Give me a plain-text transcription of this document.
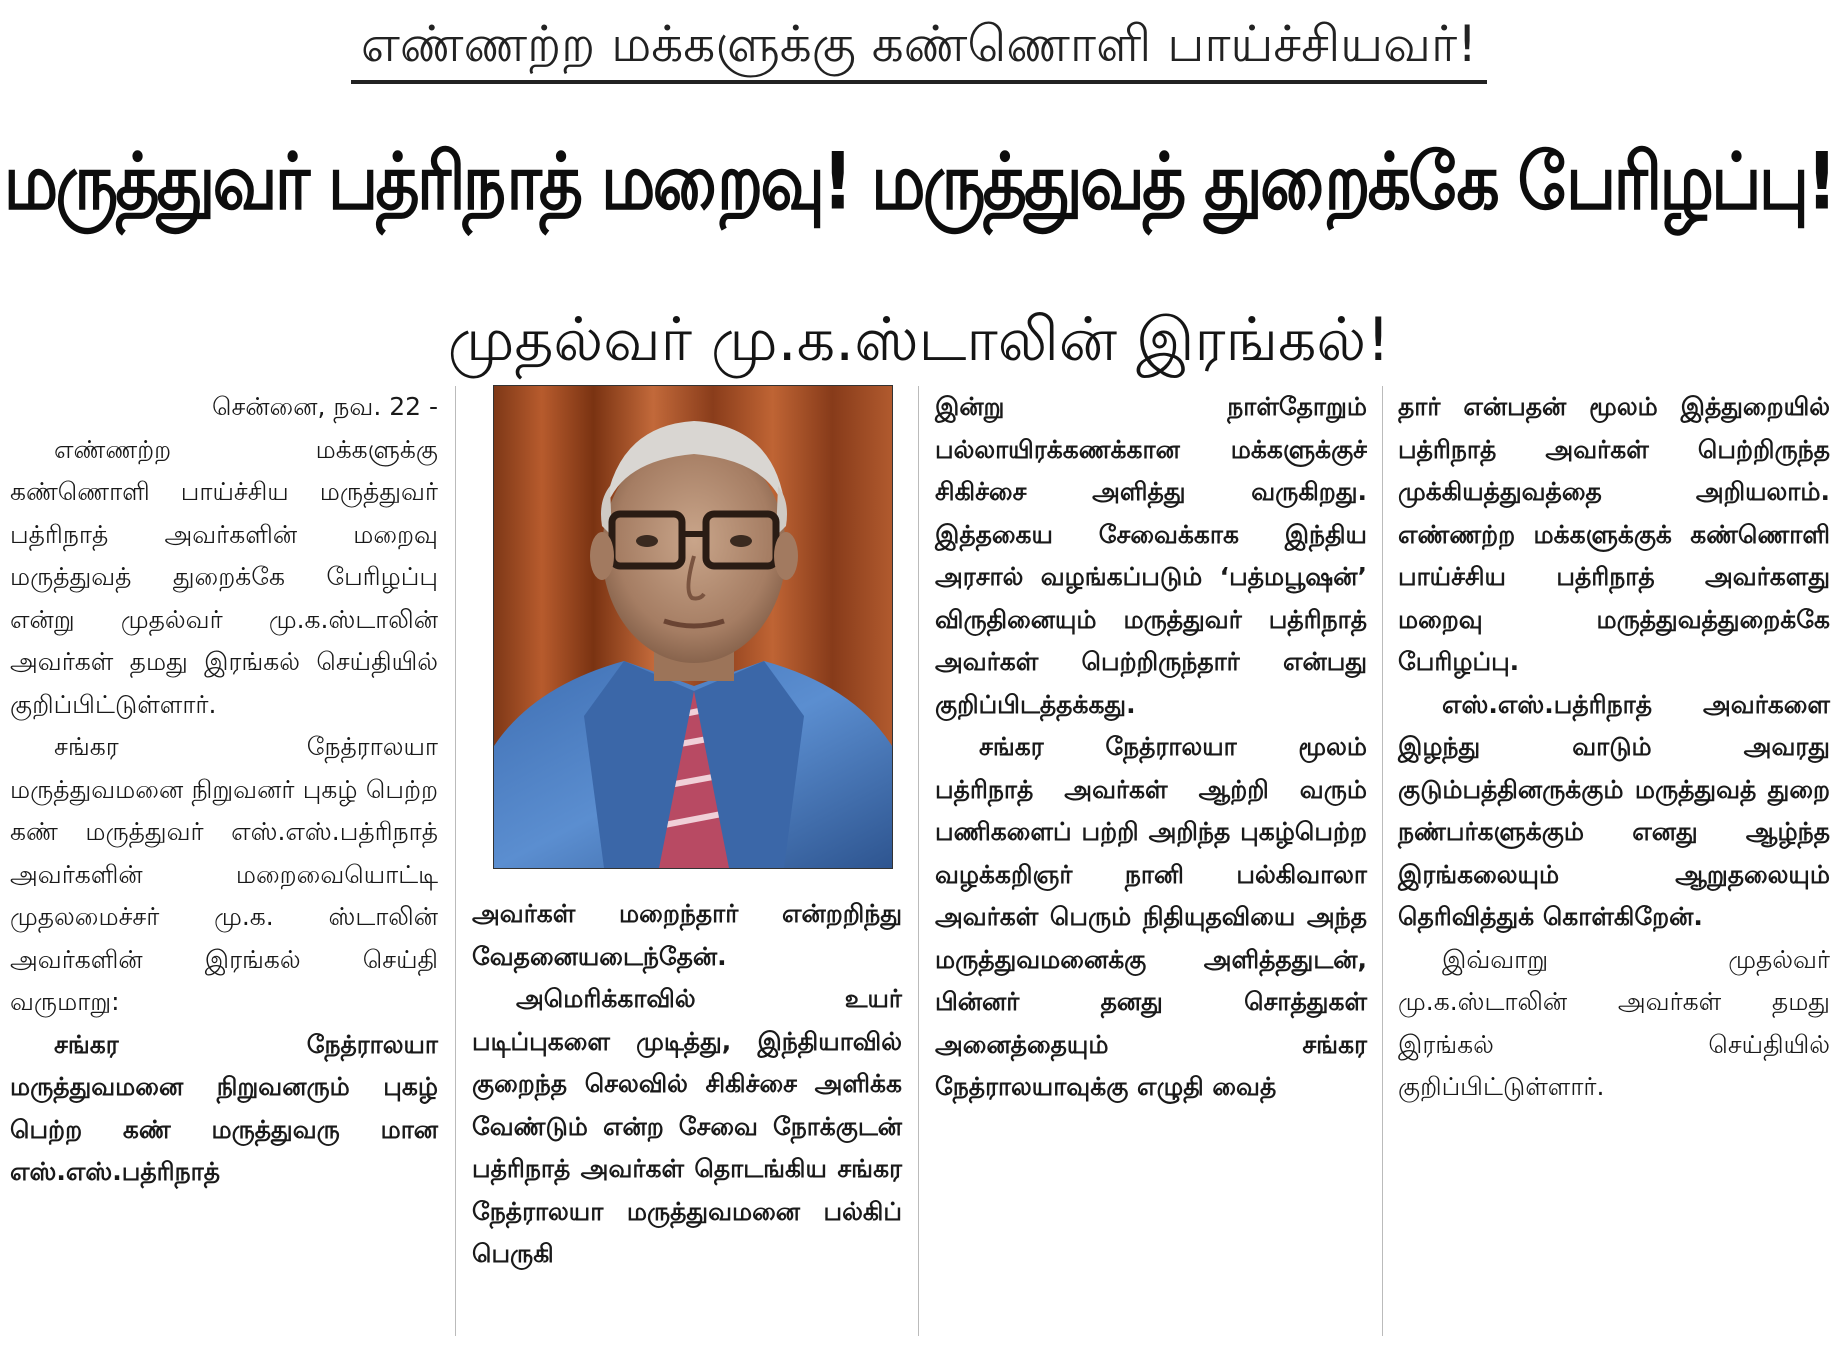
எண்ணற்ற மக்களுக்கு கண்ணொளி பாய்ச்சியவர்!
மருத்துவர் பத்ரிநாத் மறைவு! மருத்துவத் துறைக்கே பேரிழப்பு!
முதல்வர் மு.க.ஸ்டாலின் இரங்கல்!

சென்னை, நவ. 22 -

எண்ணற்ற மக்களுக்கு கண்ணொளி பாய்ச்சிய மருத்துவர் பத்ரிநாத் அவர்களின் மறைவு மருத்துவத் துறைக்கே பேரிழப்பு என்று முதல்வர் மு.க.ஸ்டாலின் அவர்கள் தமது இரங்கல் செய்தியில் குறிப்பிட்டுள்ளார்.

சங்கர நேத்ராலயா மருத்துவமனை நிறுவனர் புகழ் பெற்ற கண் மருத்துவர் எஸ்.எஸ்.பத்ரிநாத் அவர்களின் மறைவையொட்டி முதலமைச்சர் மு.க. ஸ்டாலின் அவர்களின் இரங்கல் செய்தி வருமாறு:

சங்கர நேத்ராலயா மருத்துவமனை நிறுவனரும் புகழ் பெற்ற கண் மருத்துவரு மான எஸ்.எஸ்.பத்ரிநாத்

அவர்கள் மறைந்தார் என்றறிந்து வேதனையடைந்தேன்.

அமெரிக்காவில் உயர் படிப்புகளை முடித்து, இந்தியாவில் குறைந்த செலவில் சிகிச்சை அளிக்க வேண்டும் என்ற சேவை நோக்குடன் பத்ரிநாத் அவர்கள் தொடங்கிய சங்கர நேத்ராலயா மருத்துவமனை பல்கிப் பெருகி

இன்று நாள்தோறும் பல்லாயிரக்கணக்கான மக்களுக்குச் சிகிச்சை அளித்து வருகிறது. இத்தகைய சேவைக்காக இந்திய அரசால் வழங்கப்படும் ‘பத்மபூஷன்’ விருதினையும் மருத்துவர் பத்ரிநாத் அவர்கள் பெற்றிருந்தார் என்பது குறிப்பிடத்தக்கது.

சங்கர நேத்ராலயா மூலம் பத்ரிநாத் அவர்கள் ஆற்றி வரும் பணிகளைப் பற்றி அறிந்த புகழ்பெற்ற வழக்கறிஞர் நானி பல்கிவாலா அவர்கள் பெரும் நிதியுதவியை அந்த மருத்துவமனைக்கு அளித்ததுடன், பின்னர் தனது சொத்துகள் அனைத்தையும் சங்கர நேத்ராலயாவுக்கு எழுதி வைத்

தார் என்பதன் மூலம் இத்துறையில் பத்ரிநாத் அவர்கள் பெற்றிருந்த முக்கியத்துவத்தை அறியலாம். எண்ணற்ற மக்களுக்குக் கண்ணொளி பாய்ச்சிய பத்ரிநாத் அவர்களது மறைவு மருத்துவத்துறைக்கே பேரிழப்பு.

எஸ்.எஸ்.பத்ரிநாத் அவர்களை இழந்து வாடும் அவரது குடும்பத்தினருக்கும் மருத்துவத் துறை நண்பர்களுக்கும் எனது ஆழ்ந்த இரங்கலையும் ஆறுதலையும் தெரிவித்துக் கொள்கிறேன்.

இவ்வாறு முதல்வர் மு.க.ஸ்டாலின் அவர்கள் தமது இரங்கல் செய்தியில் குறிப்பிட்டுள்ளார்.
